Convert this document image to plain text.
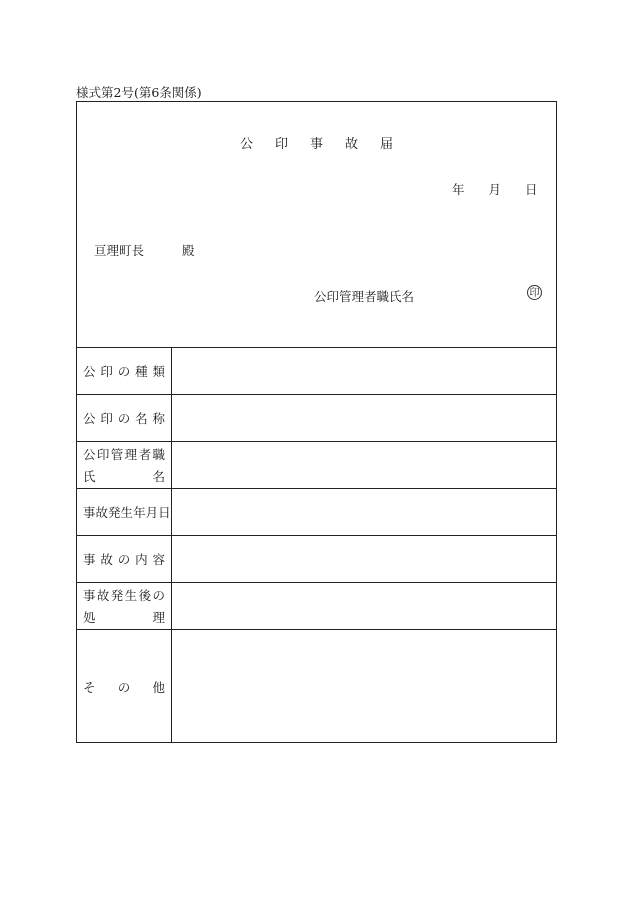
様式第2号(第6条関係)
公印事故届
年 月 日
亘理町長	殿
公印管理者職氏名	印
公 印 の 種 類
公 印 の 名 称
公 印 管 理 者 職
氏	名
事 故 発 生 年 月 日
事 故 の 内 容
事 故 発 生 後 の
処	理
そ の 他
